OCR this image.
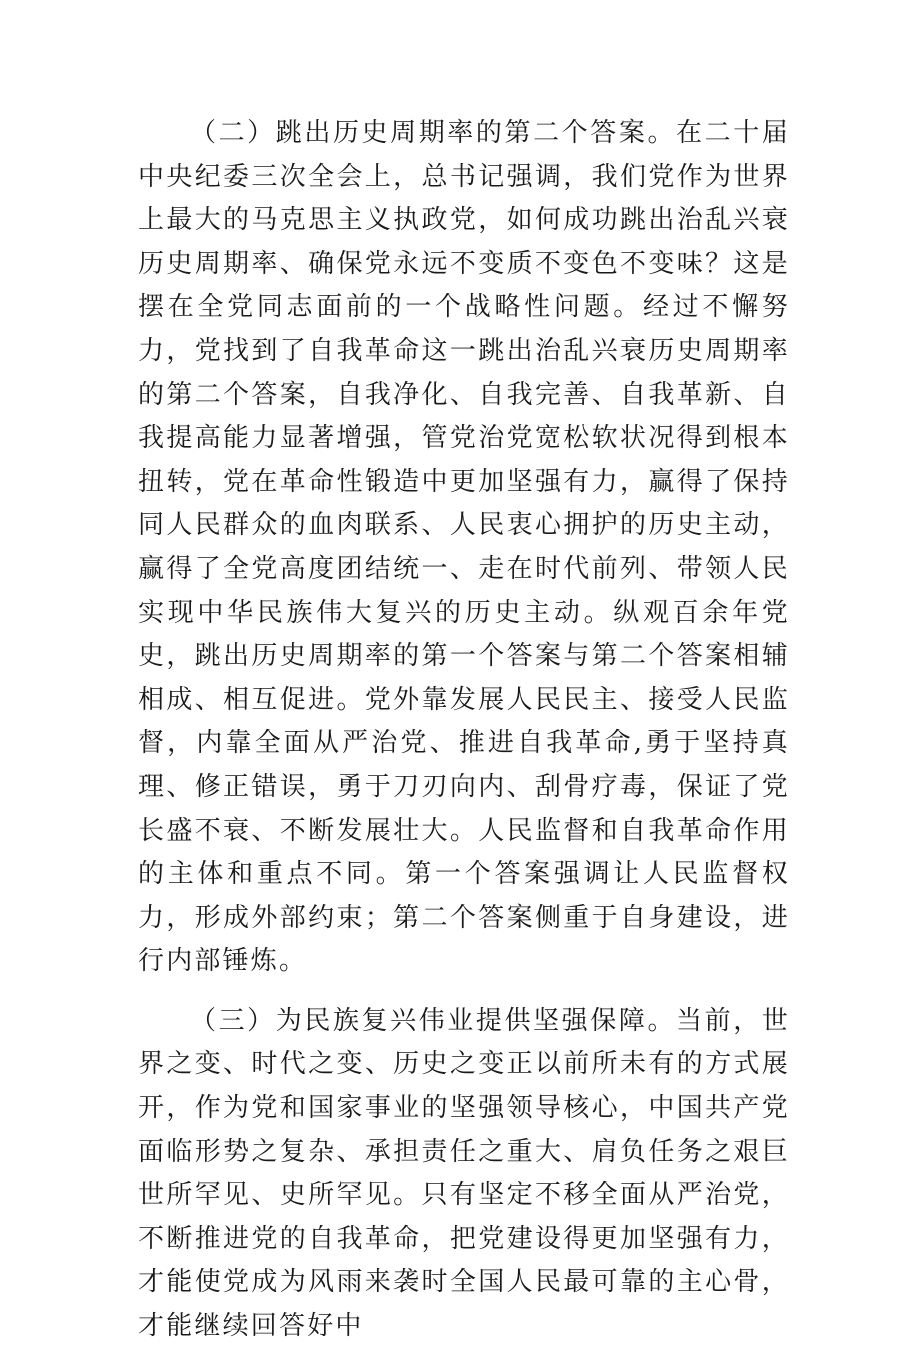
（二）跳出历史周期率的第二个答案。在二十届中央纪委三次全会上，总书记强调，我们党作为世界上最大的马克思主义执政党，如何成功跳出治乱兴衰历史周期率、确保党永远不变质不变色不变味？这是摆在全党同志面前的一个战略性问题。经过不懈努力，党找到了自我革命这一跳出治乱兴衰历史周期率的第二个答案，自我净化、自我完善、自我革新、自我提高能力显著增强，管党治党宽松软状况得到根本扭转，党在革命性锻造中更加坚强有力，赢得了保持同人民群众的血肉联系、人民衷心拥护的历史主动，赢得了全党高度团结统一、走在时代前列、带领人民实现中华民族伟大复兴的历史主动。纵观百余年党史，跳出历史周期率的第一个答案与第二个答案相辅相成、相互促进。党外靠发展人民民主、接受人民监督，内靠全面从严治党、推进自我革命,勇于坚持真理、修正错误，勇于刀刃向内、刮骨疗毒，保证了党长盛不衰、不断发展壮大。人民监督和自我革命作用的主体和重点不同。第一个答案强调让人民监督权力，形成外部约束；第二个答案侧重于自身建设，进行内部锤炼。

（三）为民族复兴伟业提供坚强保障。当前，世界之变、时代之变、历史之变正以前所未有的方式展开，作为党和国家事业的坚强领导核心，中国共产党面临形势之复杂、承担责任之重大、肩负任务之艰巨世所罕见、史所罕见。只有坚定不移全面从严治党，不断推进党的自我革命，把党建设得更加坚强有力，才能使党成为风雨来袭时全国人民最可靠的主心骨，才能继续回答好中
